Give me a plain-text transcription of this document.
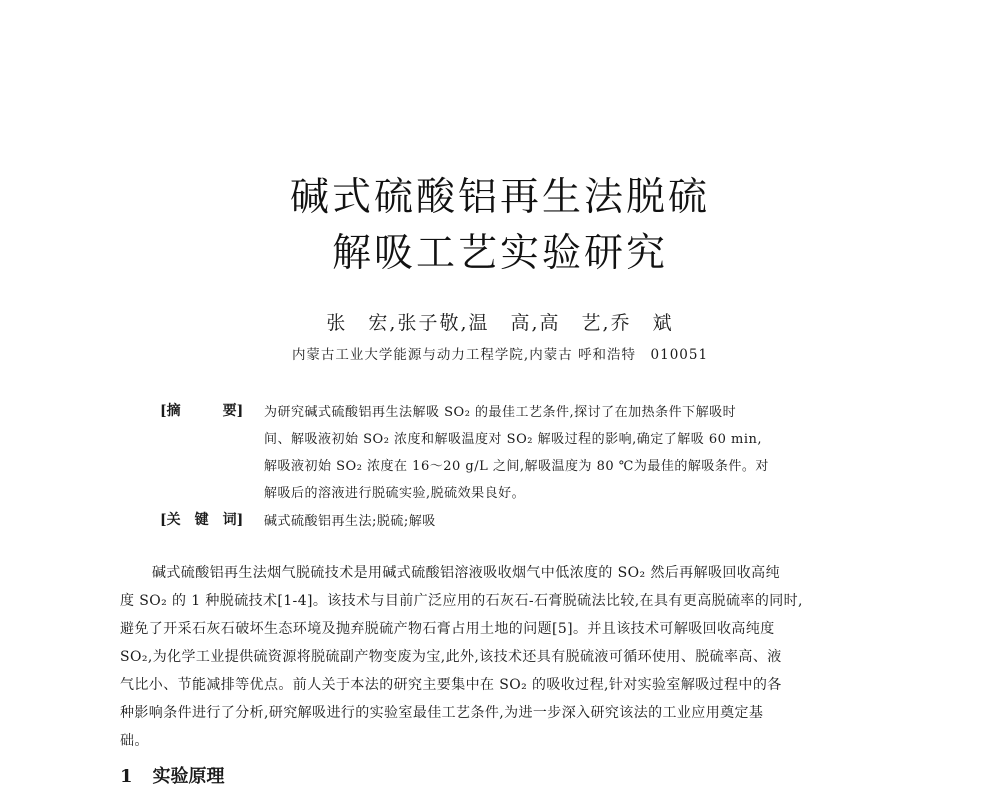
碱式硫酸铝再生法脱硫
解吸工艺实验研究
张　宏,张子敬,温　高,高　艺,乔　斌
内蒙古工业大学能源与动力工程学院,内蒙古 呼和浩特　010051
[摘　　　要] 为研究碱式硫酸铝再生法解吸 SO₂ 的最佳工艺条件,探讨了在加热条件下解吸时
间、解吸液初始 SO₂ 浓度和解吸温度对 SO₂ 解吸过程的影响,确定了解吸 60 min,
解吸液初始 SO₂ 浓度在 16～20 g/L 之间,解吸温度为 80 ℃为最佳的解吸条件。对
解吸后的溶液进行脱硫实验,脱硫效果良好。
[关　键　词] 碱式硫酸铝再生法;脱硫;解吸
碱式硫酸铝再生法烟气脱硫技术是用碱式硫酸铝溶液吸收烟气中低浓度的 SO₂ 然后再解吸回收高纯
度 SO₂ 的 1 种脱硫技术[1-4]。该技术与目前广泛应用的石灰石-石膏脱硫法比较,在具有更高脱硫率的同时,
避免了开采石灰石破坏生态环境及抛弃脱硫产物石膏占用土地的问题[5]。并且该技术可解吸回收高纯度
SO₂,为化学工业提供硫资源将脱硫副产物变废为宝,此外,该技术还具有脱硫液可循环使用、脱硫率高、液
气比小、节能减排等优点。前人关于本法的研究主要集中在 SO₂ 的吸收过程,针对实验室解吸过程中的各
种影响条件进行了分析,研究解吸进行的实验室最佳工艺条件,为进一步深入研究该法的工业应用奠定基
础。
1 实验原理
